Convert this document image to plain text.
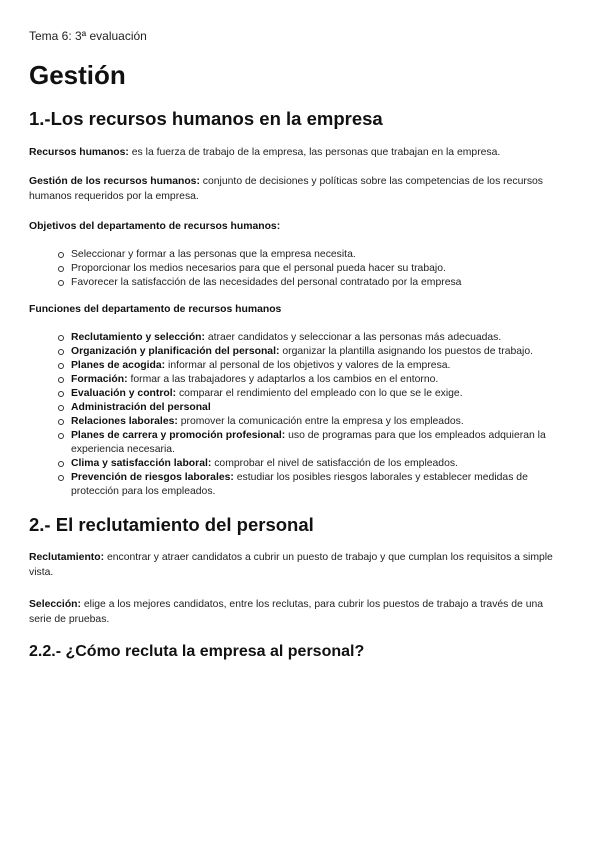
Tema 6: 3ª evaluación
Gestión
1.-Los recursos humanos en la empresa

Recursos humanos: es la fuerza de trabajo de la empresa, las personas que trabajan en la empresa.

Gestión de los recursos humanos: conjunto de decisiones y políticas sobre las competencias de los recursos humanos requeridos por la empresa.

Objetivos del departamento de recursos humanos:

Seleccionar y formar a las personas que la empresa necesita.
Proporcionar los medios necesarios para que el personal pueda hacer su trabajo.
Favorecer la satisfacción de las necesidades del personal contratado por la empresa

Funciones del departamento de recursos humanos

Reclutamiento y selección: atraer candidatos y seleccionar a las personas más adecuadas.
Organización y planificación del personal: organizar la plantilla asignando los puestos de trabajo.
Planes de acogida: informar al personal de los objetivos y valores de la empresa.
Formación: formar a las trabajadores y adaptarlos a los cambios en el entorno.
Evaluación y control: comparar el rendimiento del empleado con lo que se le exige.
Administración del personal
Relaciones laborales: promover la comunicación entre la empresa y los empleados.
Planes de carrera y promoción profesional: uso de programas para que los empleados adquieran la experiencia necesaria.
Clima y satisfacción laboral: comprobar el nivel de satisfacción de los empleados.
Prevención de riesgos laborales: estudiar los posibles riesgos laborales y establecer medidas de protección para los empleados.
2.- El reclutamiento del personal

Reclutamiento: encontrar y atraer candidatos a cubrir un puesto de trabajo y que cumplan los requisitos a simple vista.

Selección: elige a los mejores candidatos, entre los reclutas, para cubrir los puestos de trabajo a través de una serie de pruebas.

2.2.- ¿Cómo recluta la empresa al personal?
